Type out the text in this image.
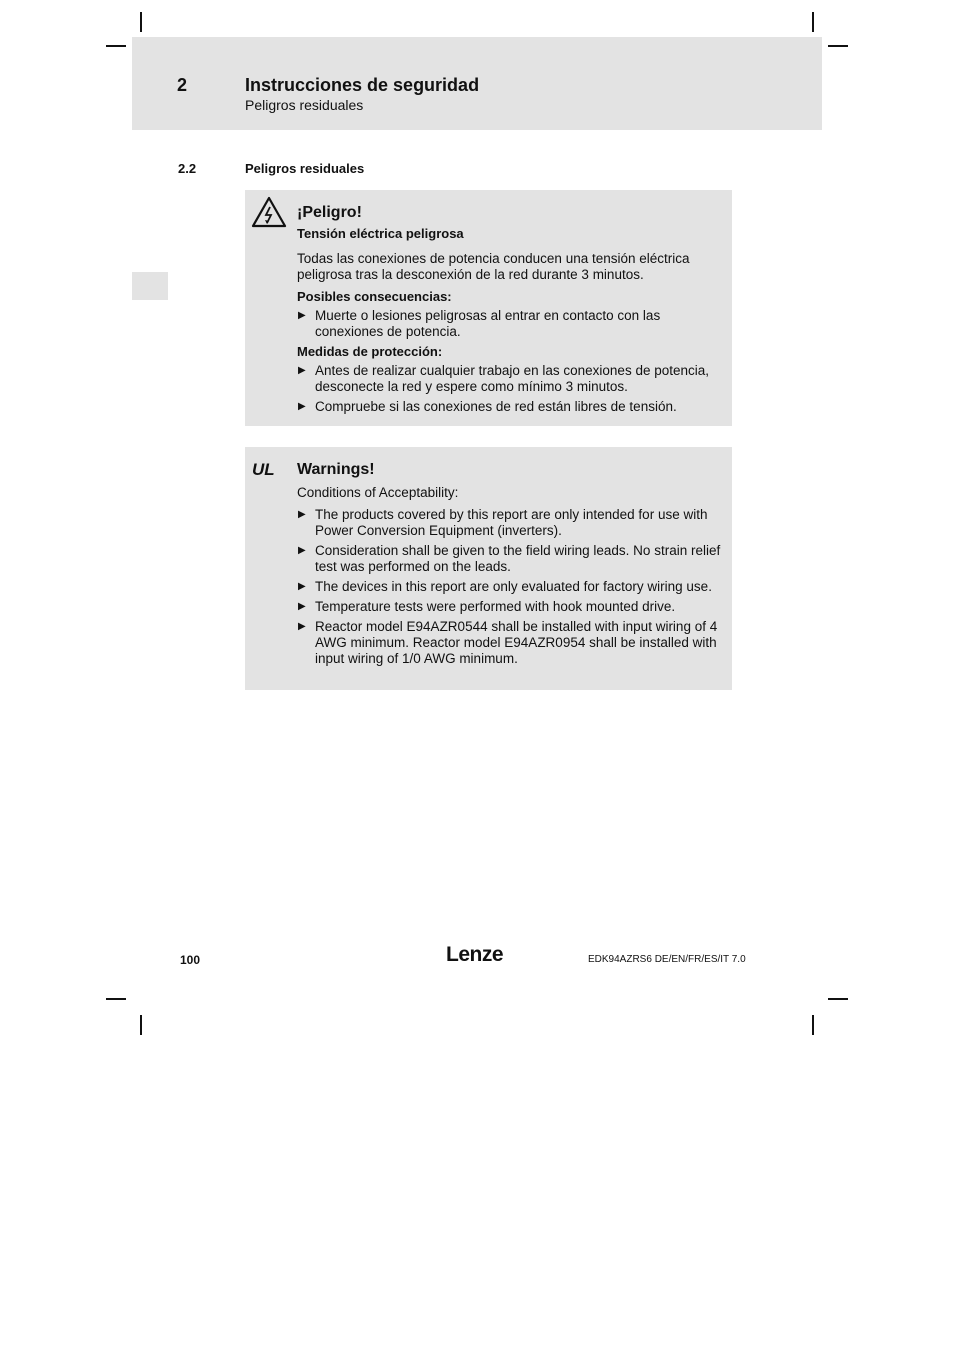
2	Instrucciones de seguridad
Peligros residuales
2.2	Peligros residuales
¡Peligro!
Tensión eléctrica peligrosa
Todas las conexiones de potencia conducen una tensión eléctrica peligrosa tras la desconexión de la red durante 3 minutos.
Posibles consecuencias:
▶ Muerte o lesiones peligrosas al entrar en contacto con las conexiones de potencia.
Medidas de protección:
▶ Antes de realizar cualquier trabajo en las conexiones de potencia, desconecte la red y espere como mínimo 3 minutos.
▶ Compruebe si las conexiones de red están libres de tensión.
UL Warnings!
Conditions of Acceptability:
▶ The products covered by this report are only intended for use with Power Conversion Equipment (inverters).
▶ Consideration shall be given to the field wiring leads. No strain relief test was performed on the leads.
▶ The devices in this report are only evaluated for factory wiring use.
▶ Temperature tests were performed with hook mounted drive.
▶ Reactor model E94AZR0544 shall be installed with input wiring of 4 AWG minimum. Reactor model E94AZR0954 shall be installed with input wiring of 1/0 AWG minimum.
100	Lenze	EDK94AZRS6 DE/EN/FR/ES/IT 7.0
